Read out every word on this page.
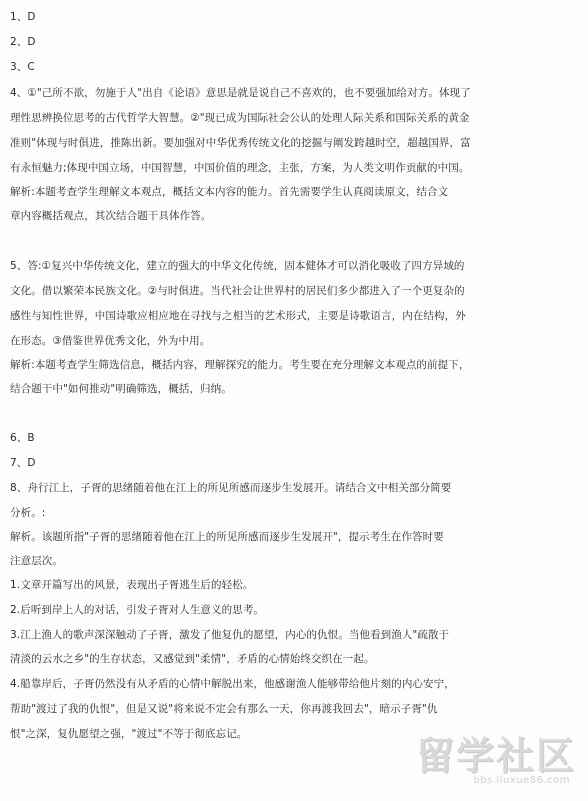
1、D
2、D
3、C
4、①"己所不欲，勿施于人"出自《论语》意思是就是说自己不喜欢的，也不要强加给对方。体现了
理性思辨换位思考的古代哲学大智慧。②"现已成为国际社会公认的处理人际关系和国际关系的黄金
准则"体现与时俱进，推陈出新。要加强对中华优秀传统文化的挖掘与阐发跨越时空，超越国界，富
有永恒魅力;体现中国立场，中国智慧，中国价值的理念，主张，方案，为人类文明作贡献的中国。
解析:本题考查学生理解文本观点，概括文本内容的能力。首先需要学生认真阅读原文，结合文
章内容概括观点，其次结合题干具体作答。
5、答:①复兴中华传统文化，建立的强大的中华文化传统，固本健体才可以消化吸收了四方异域的
文化。借以繁荣本民族文化。②与时俱进。当代社会让世界村的居民们多少都进入了一个更复杂的
感性与知性世界，中国诗歌应相应地在寻找与之相当的艺术形式，主要是诗歌语言，内在结构，外
在形态。③借鉴世界优秀文化，外为中用。
解析:本题考查学生筛选信息，概括内容，理解探究的能力。考生要在充分理解文本观点的前提下，
结合题干中"如何推动"明确筛选，概括，归纳。
6、B
7、D
8、舟行江上，子胥的思绪随着他在江上的所见所感而逐步生发展开。请结合文中相关部分简要
分析。:
解析。该题所指"子胥的思绪随着他在江上的所见所感而逐步生发展开"，提示考生在作答时要
注意层次。
1.文章开篇写出的风景，表现出子胥逃生后的轻松。
2.后听到岸上人的对话，引发子胥对人生意义的思考。
3.江上渔人的歌声深深触动了子胥，激发了他复仇的愿望，内心的仇恨。当他看到渔人"疏散于
清淡的云水之乡"的生存状态，又感觉到"柔情"，矛盾的心情始终交织在一起。
4.船靠岸后，子胥仍然没有从矛盾的心情中解脱出来，他感谢渔人能够带给他片刻的内心安宁，
帮助"渡过了我的仇恨"，但是又说"将来说不定会有那么一天，你再渡我回去"，暗示子胥"仇
恨"之深，复仇愿望之强，"渡过"不等于彻底忘记。	留学社区
bbs.liuxue86.com
